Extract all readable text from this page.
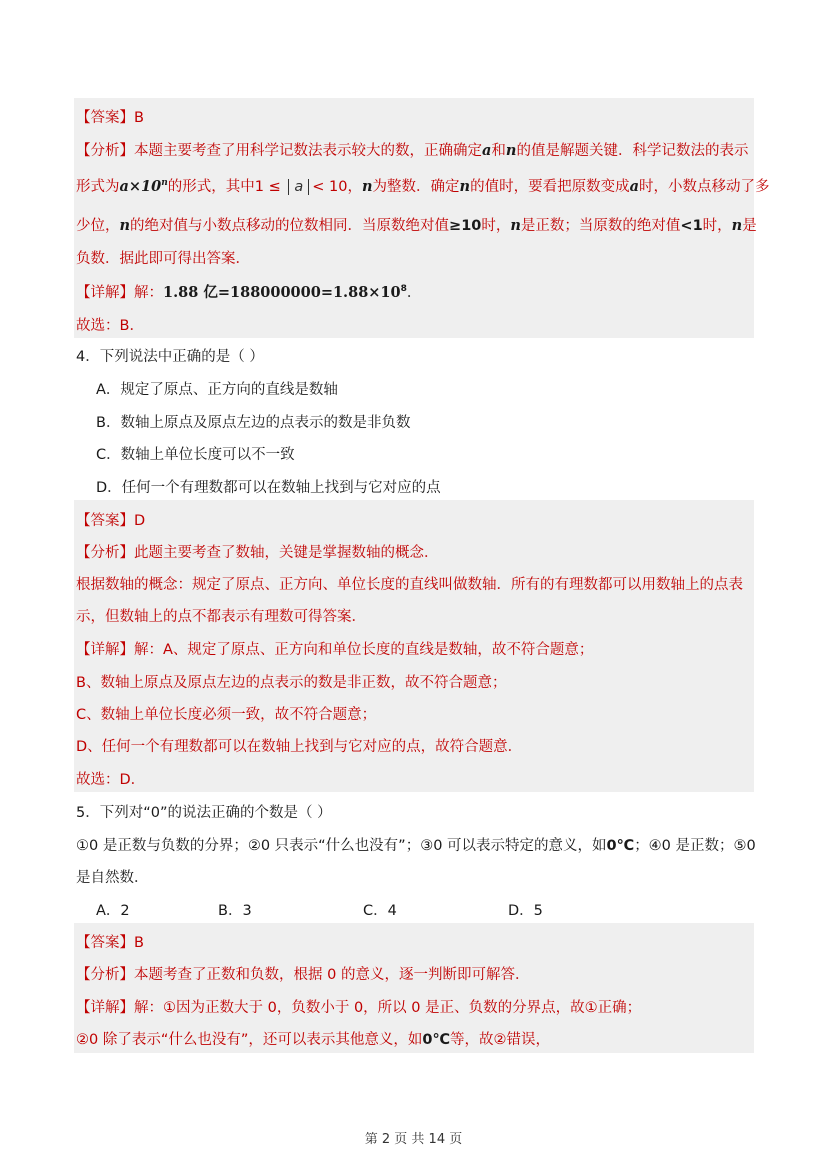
【答案】B
【分析】本题主要考查了用科学记数法表示较大的数，正确确定a和n的值是解题关键．科学记数法的表示
形式为$a\times 10^n$的形式，其中1 ≤ a < 10，n为整数．确定n的值时，要看把原数变成a时，小数点移动了多
少位，n的绝对值与小数点移动的位数相同．当原数绝对值≥10时，n是正数；当原数的绝对值<1时，n是
负数．据此即可得出答案．
【详解】解：1.88 亿$=188000000=1.88\times 10^8$．
故选：B．
4．下列说法中正确的是（ ）
A．规定了原点、正方向的直线是数轴
B．数轴上原点及原点左边的点表示的数是非负数
C．数轴上单位长度可以不一致
D．任何一个有理数都可以在数轴上找到与它对应的点
【答案】D
【分析】此题主要考查了数轴，关键是掌握数轴的概念．
根据数轴的概念：规定了原点、正方向、单位长度的直线叫做数轴．所有的有理数都可以用数轴上的点表
示，但数轴上的点不都表示有理数可得答案．
【详解】解：A、规定了原点、正方向和单位长度的直线是数轴，故不符合题意；
B、数轴上原点及原点左边的点表示的数是非正数，故不符合题意；
C、数轴上单位长度必须一致，故不符合题意；
D、任何一个有理数都可以在数轴上找到与它对应的点，故符合题意．
故选：D．
5．下列对“0”的说法正确的个数是（ ）
①0 是正数与负数的分界；②0 只表示“什么也没有”；③0 可以表示特定的意义，如0℃；④0 是正数；⑤0
是自然数．
A．2	B．3	C．4	D．5
【答案】B
【分析】本题考查了正数和负数，根据 0 的意义，逐一判断即可解答．
【详解】解：①因为正数大于 0，负数小于 0，所以 0 是正、负数的分界点，故①正确；
②0 除了表示“什么也没有”，还可以表示其他意义，如0℃等，故②错误，
第 2 页 共 14 页
